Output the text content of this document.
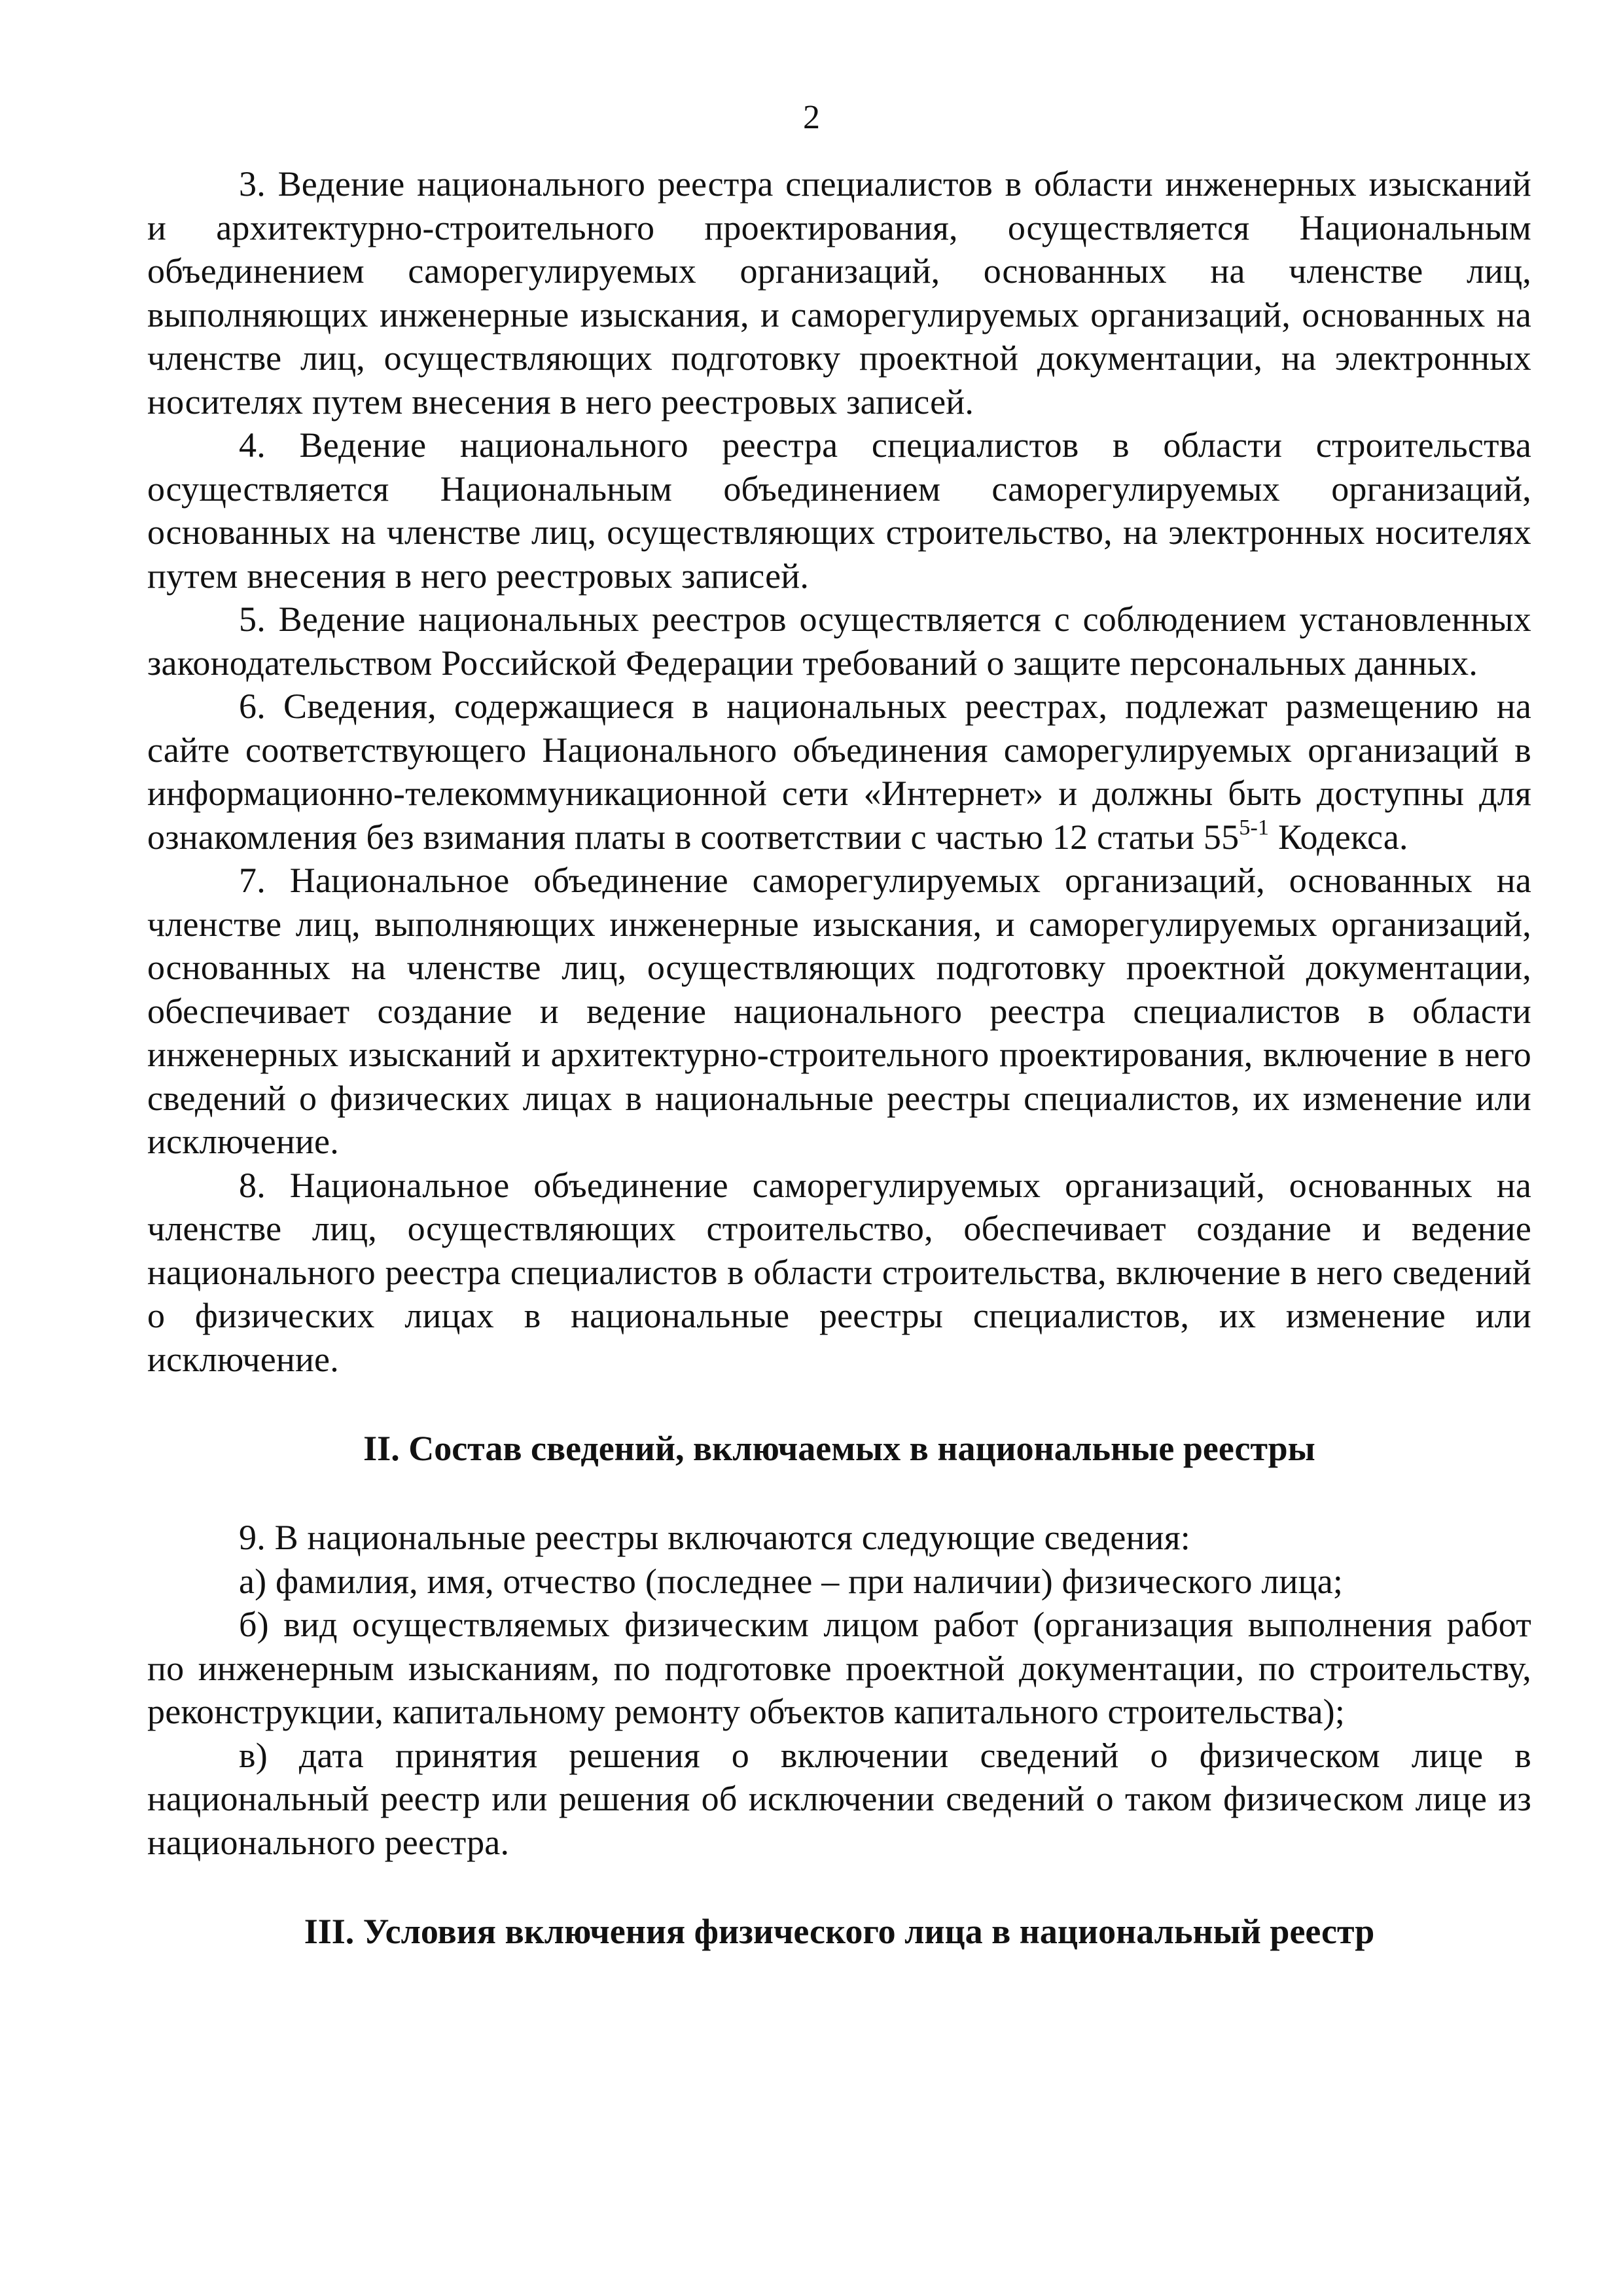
2

3. Ведение национального реестра специалистов в области инженерных изысканий и архитектурно-строительного проектирования, осуществляется Национальным объединением саморегулируемых организаций, основанных на членстве лиц, выполняющих инженерные изыскания, и саморегулируемых организаций, основанных на членстве лиц, осуществляющих подготовку проектной документации, на электронных носителях путем внесения в него реестровых записей.

4. Ведение национального реестра специалистов в области строительства осуществляется Национальным объединением саморегулируемых организаций, основанных на членстве лиц, осуществляющих строительство, на электронных носителях путем внесения в него реестровых записей.

5. Ведение национальных реестров осуществляется с соблюдением установленных законодательством Российской Федерации требований о защите персональных данных.

6. Сведения, содержащиеся в национальных реестрах, подлежат размещению на сайте соответствующего Национального объединения саморегулируемых организаций в информационно-телекоммуникационной сети «Интернет» и должны быть доступны для ознакомления без взимания платы в соответствии с частью 12 статьи 55$^{5-1}$ Кодекса.

7. Национальное объединение саморегулируемых организаций, основанных на членстве лиц, выполняющих инженерные изыскания, и саморегулируемых организаций, основанных на членстве лиц, осуществляющих подготовку проектной документации, обеспечивает создание и ведение национального реестра специалистов в области инженерных изысканий и архитектурно-строительного проектирования, включение в него сведений о физических лицах в национальные реестры специалистов, их изменение или исключение.

8. Национальное объединение саморегулируемых организаций, основанных на членстве лиц, осуществляющих строительство, обеспечивает создание и ведение национального реестра специалистов в области строительства, включение в него сведений о физических лицах в национальные реестры специалистов, их изменение или исключение.

II. Состав сведений, включаемых в национальные реестры

9. В национальные реестры включаются следующие сведения:

а) фамилия, имя, отчество (последнее – при наличии) физического лица;

б) вид осуществляемых физическим лицом работ (организация выполнения работ по инженерным изысканиям, по подготовке проектной документации, по строительству, реконструкции, капитальному ремонту объектов капитального строительства);

в) дата принятия решения о включении сведений о физическом лице в национальный реестр или решения об исключении сведений о таком физическом лице из национального реестра.

III. Условия включения физического лица в национальный реестр
